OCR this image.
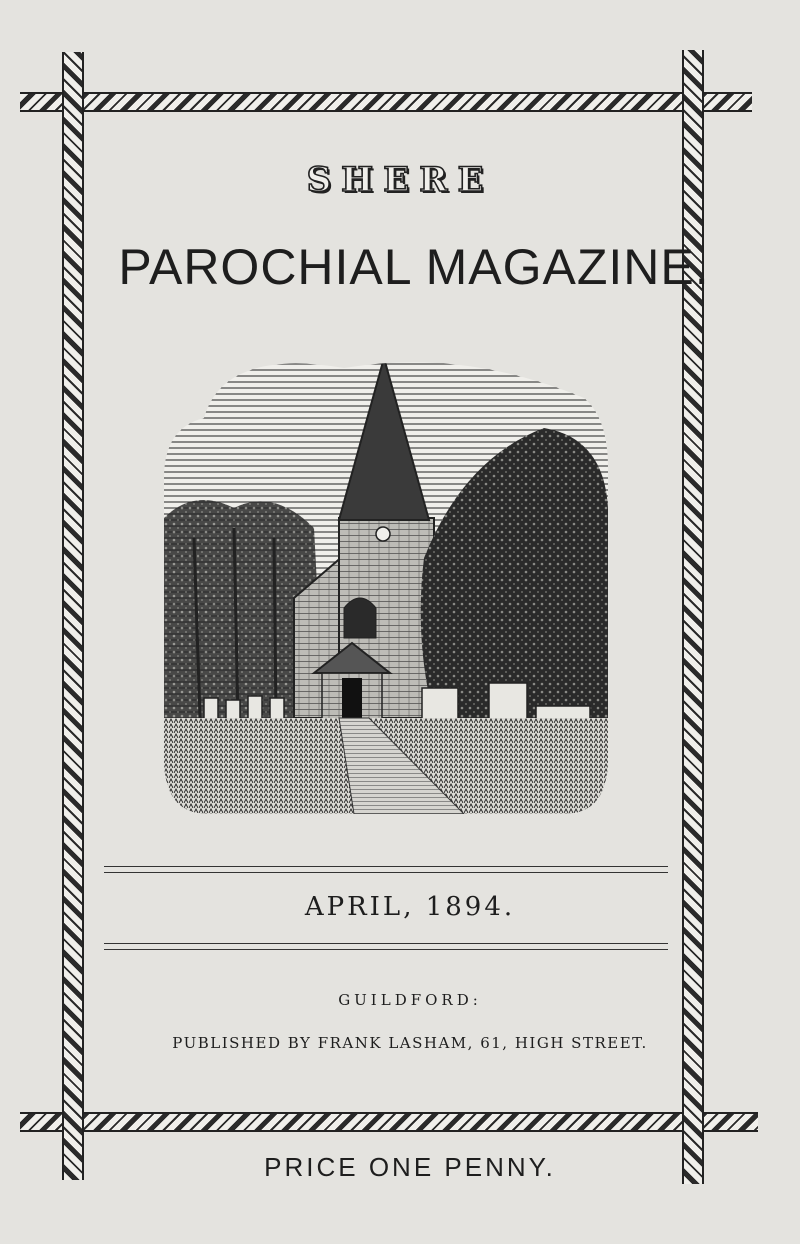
SHERE
PAROCHIAL MAGAZINE.
APRIL, 1894.
GUILDFORD:
PUBLISHED BY FRANK LASHAM, 61, HIGH STREET.
PRICE ONE PENNY.
